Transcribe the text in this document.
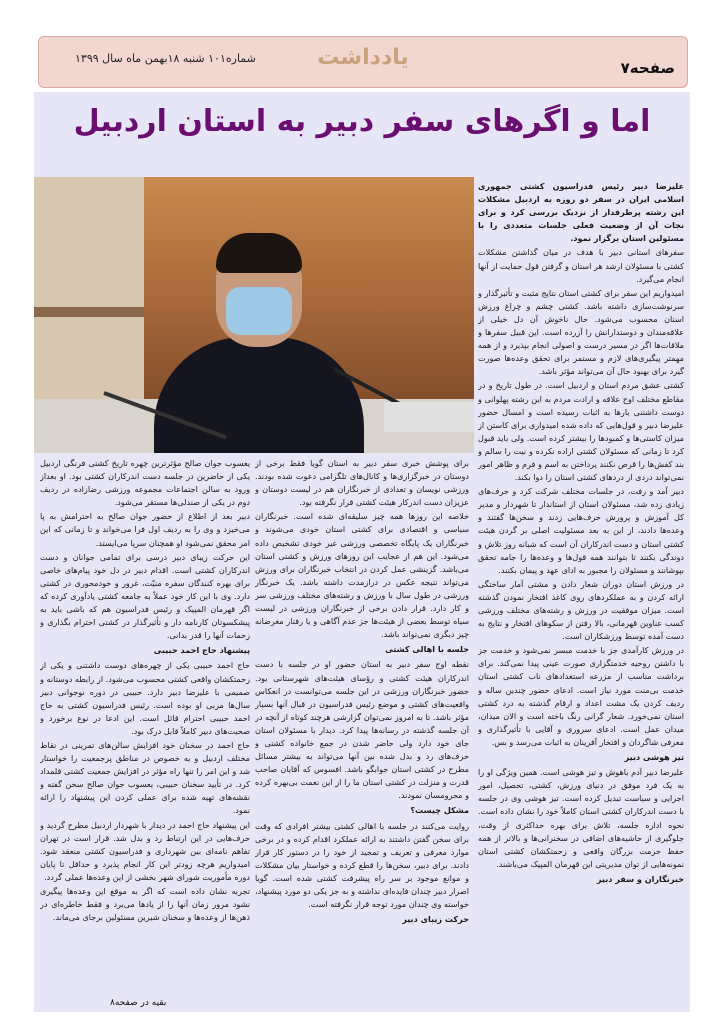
صفحه۷
یادداشت
شماره۱۰۱ شنبه ۱۸بهمن ماه سال ۱۳۹۹
اما و اگرهای سفر دبیر به استان اردبیل

علیرضا دبیر رئیس فدراسیون کشتی جمهوری اسلامی ایران در سفر دو روزه به اردبیل مشکلات این رشته پرطرفدار از نزدیک بررسی کرد و برای نجات آن از وضعیت فعلی جلسات متعددی را با مسئولین استان برگزار نمود.

سفرهای استانی دبیر با هدف در میان گذاشتن مشکلات کشتی با مسئولان ارشد هر استان و گرفتن قول حمایت از آنها انجام می‌گیرد.

امیدواریم این سفر برای کشتی استان نتایج مثبت و تأثیرگذار و سرنوشت‌سازی داشته باشد. کشتی چشم و چراغ ورزش استان محسوب می‌شود. حال ناخوش آن دل خیلی از علاقه‌مندان و دوستدارانش را آزرده است. این قبیل سفرها و ملاقات‌ها اگر در مسیر درست و اصولی انجام بپذیرد و از همه مهمتر پیگیری‌های لازم و مستمر برای تحقق وعده‌ها صورت گیرد برای بهبود حال آن می‌تواند مؤثر باشد.

کشتی عشق مردم استان و اردبیل است. در طول تاریخ و در مقاطع مختلف اوج علاقه و ارادت مردم به این رشته پهلوانی و دوست داشتنی بارها به اثبات رسیده است و امسال حضور علیرضا دبیر و قول‌هایی که داده شده امیدواری برای کاستن از میزان کاستی‌ها و کمبودها را بیشتر کرده است. ولی باید قبول کرد تا زمانی که مسئولان کشتی اراده نکرده و نیت را سالم و بند کفش‌ها را قرص نکنند پرداختن به اسم و فرم و ظاهر امور نمی‌تواند دردی از دردهای کشتی استان را دوا بکند.

دبیر آمد و رفت، در جلسات مختلف شرکت کرد و حرف‌های زیادی زده شد، مسئولان استان از استاندار تا شهردار و مدیر کل آموزش و پرورش حرف‌هایی زدند و سخن‌ها گفتند و وعده‌ها دادند، از این به بعد مسئولیت اصلی بر گردن هیئت کشتی استان و دست اندرکاران آن است که شبانه روز تلاش و دوندگی بکنند تا بتوانند همه قول‌ها و وعده‌ها را جامه تحقق بپوشانند و مسئولان را مجبور به ادای عهد و پیمان بکنند.

در ورزش استان دوران شعار دادن و مشتی آمار ساختگی ارائه کردن و به عملکردهای روی کاغذ افتخار نمودن گذشته است. میزان موفقیت در ورزش و رشته‌های مختلف ورزشی کسب عناوین قهرمانی، بالا رفتن از سکوهای افتخار و نتایج به دست آمده توسط ورزشکاران است.

در ورزش کارآمدی جز با خدمت مبسر نمی‌شود و خدمت جز با داشتن روحیه خدمتگزاری صورت عینی پیدا نمی‌کند. برای برداشت مناسب از مزرعه استعدادهای ناب کشتی استان خدمت بی‌منت مورد نیاز است. ادعای حضور چندین ساله و ردیف کردن یک مشت اعداد و ارقام گذشته به درد کشتی استان نمی‌خورد. شعار گرانی رنگ باخته است و الان میدان، میدان عمل است. ادعای سروری و آقایی با تأثیرگذاری و معرفی شاگردان و افتخار آفرینان به اثبات می‌رسد و بس.

تیز هوشی دبیر

علیرضا دبیر آدم باهوش و تیز هوشی است. همین ویژگی او را به یک فرد موفق در دنیای ورزش، کشتی، تحصیل، امور اجرایی و سیاست تبدیل کرده است. تیز هوشی وی در جلسه با دست اندرکاران کشتی استان کاملاً خود را نشان داده است. نحوه اداره جلسه، تلاش برای بهره حداکثری از وقت، جلوگیری از حاشیه‌های اضافی در سخنرانی‌ها و بالاتر از همه حفظ حرمت بزرگان واقعی و زحمتکشان کشتی استان نمونه‌هایی از توان مدیریتی این قهرمان المپیک می‌باشند.

خبرنگاران و سفر دبیر

برای پوشش خبری سفر دبیر به استان گویا فقط برخی از دوستان در خبرگزاری‌ها و کانال‌های تلگرامی دعوت شده بودند. ورزشی نویسان و تعدادی از خبرنگاران هم در لیست دوستان و عزیزان دست اندرکار هیئت کشتی قرار نگرفته بود.

خلاصه این روزها همه چیز سلیقه‌ای شده است. خبرنگاران سیاسی و اقتصادی برای کشتی استان خودی می‌شوند و خبرنگاران یک پایگاه تخصصی ورزشی غیر خودی تشخیص داده می‌شود. این هم از عجایب این روزهای ورزش و کشتی استان می‌باشد. گزینشی عمل کردن در انتخاب خبرنگاران برای ورزش می‌تواند نتیجه عکس در درازمدت داشته باشد. یک خبرنگار ورزشی در طول سال با ورزش و رشته‌های مختلف ورزشی سر و کار دارد. قرار دادن برخی از خبرنگاران ورزشی در لیست سیاه توسط بعضی از هیئت‌ها جز عدم آگاهی و یا رفتار مغرضانه چیز دیگری نمی‌تواند باشد.

جلسه با اهالی کشتی

نقطه اوج سفر دبیر به استان حضور او در جلسه با دست اندرکاران هیئت کشتی و رؤسای هیئت‌های شهرستانی بود. حضور خبرنگاران ورزشی در این جلسه می‌توانست در انعکاس واقعیت‌های کشتی و موضع رئیس فدراسیون در قبال آنها بسیار مؤثر باشد. تا به امروز نمی‌توان گزارشی هرچند کوتاه از آنچه در آن جلسه گذشته در رسانه‌ها پیدا کرد. دیدار با مسئولان استان جای خود دارد ولی حاضر شدن در جمع خانواده کشتی و حرف‌های رد و بدل شده بین آنها می‌تواند به بیشتر مسائل مطرح در کشتی استان جوابگو باشد. افسوس که آقایان صاحب قدرت و منزلت در کشتی استان ما را از این نعمت بی‌بهره کرده و محرومسان نمودند.

مشکل چیست؟

روایت می‌کنند در جلسه با اهالی کشتی بیشتر افرادی که وقت برای سخن گفتن داشتند به ارائه عملکرد اقدام کرده و در برخی موارد معرفی و تعریف و تمجید از خود را در دستور کار قرار دادند. برای دبیر، سخن‌ها را قطع کرده و خواستار بیان مشکلات و موانع موجود بر سر راه پیشرفت کشتی شده است. گویا اصرار دبیر چندان فایده‌ای نداشته و به جز یکی دو مورد پیشنهاد، خواسته وی چندان مورد توجه قرار نگرفته است.

حرکت زیبای دبیر

یعسوب جوان صالح مؤثرترین چهره تاریخ کشتی فرنگی اردبیل یکی از حاضرین در جلسه دست اندرکاران کشتی بود. او بعداز ورود به سالن اجتماعات مجموعه ورزشی رضازاده در ردیف دوم در یکی از صندلی‌ها مستقر می‌شود.

دبیر بعد از اطلاع از حضور جوان صالح به احترامش به پا می‌خیزد و وی را به ردیف اول فرا می‌خواند و تا زمانی که این امر محقق نمی‌شود او همچنان سرپا می‌ایستد.

این حرکت زیبای دبیر درسی برای تمامی جوانان و دست اندرکاران کشتی است. اقدام دبیر در دل خود پیام‌های خاصی برای بهره کنندگان سفره منیّت، غرور و خودمحوری در کشتی دارد. وی با این کار خود عملاً به جامعه کشتی یادآوری کرده که اگر قهرمان المپیک و رئیس فدراسیون هم که باشی باید به پیشکسوتان کارنامه دار و تأثیرگذار در کشتی احترام بگذاری و زحمات آنها را قدر بدانی.

پیشنهاد حاج احمد حبیبی

حاج احمد حبیبی یکی از چهره‌های دوست داشتنی و یکی از زحمتکشان واقعی کشتی محسوب می‌شود. از رابطه دوستانه و صمیمی با علیرضا دبیر دارد. حبیبی در دوره نوجوانی دبیر سال‌ها مربی او بوده است. رئیس فدراسیون کشتی به حاج احمد حبیبی احترام قائل است. این ادعا در نوع برخورد و صحبت‌های دبیر کاملاً قابل درک بود.

حاج احمد در سخنان خود افزایش سالن‌های تمرینی در نقاط مختلف اردبیل و به خصوص در مناطق پرجمعیت را خواستار شد و این امر را تنها راه مؤثر در افزایش جمعیت کشتی قلمداد کرد. در تأیید سخنان حبیبی، یعسوب جوان صالح سخن گفته و نقشه‌های تهیه شده برای عملی کردن این پیشنهاد را ارائه نمود.

این پیشنهاد حاج احمد در دیدار با شهردار اردبیل مطرح گردید و حرف‌هایی در این ارتباط رد و بدل شد. قرار است در تهران تفاهم نامه‌ای بین شهرداری و فدراسیون کشتی منعقد شود. امیدواریم هرچه زودتر این کار انجام پذیرد و حداقل تا پایان دوره مأموریت شورای شهر بخشی از این وعده‌ها عملی گردد.

تجربه نشان داده است که اگر به موقع این وعده‌ها پیگیری نشود مرور زمان آنها را از یادها می‌برد و فقط خاطره‌ای در ذهن‌ها از وعده‌ها و سخنان شیرین مسئولین برجای می‌ماند.

بقیه در صفحه۸
